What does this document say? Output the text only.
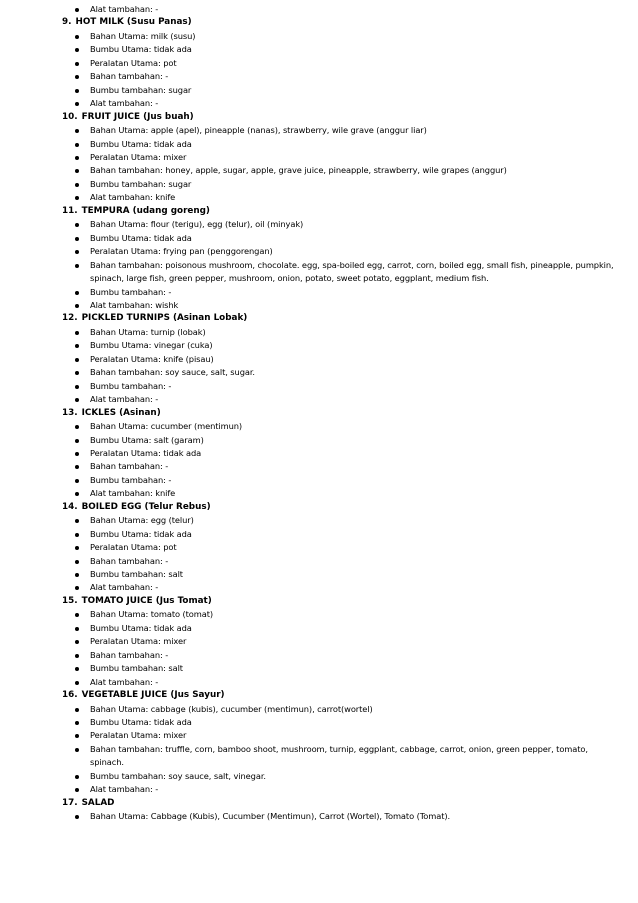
Alat tambahan: -
9. HOT MILK (Susu Panas)
Bahan Utama: milk (susu)
Bumbu Utama: tidak ada
Peralatan Utama: pot
Bahan tambahan: -
Bumbu tambahan: sugar
Alat tambahan: -
10. FRUIT JUICE (Jus buah)
Bahan Utama: apple (apel), pineapple (nanas), strawberry, wile grave (anggur liar)
Bumbu Utama: tidak ada
Peralatan Utama: mixer
Bahan tambahan: honey, apple, sugar, apple, grave juice, pineapple, strawberry, wile grapes (anggur)
Bumbu tambahan: sugar
Alat tambahan: knife
11. TEMPURA (udang goreng)
Bahan Utama: flour (terigu), egg (telur), oil (minyak)
Bumbu Utama: tidak ada
Peralatan Utama: frying pan (penggorengan)
Bahan tambahan: poisonous mushroom, chocolate. egg, spa-boiled egg, carrot, corn, boiled egg, small fish, pineapple, pumpkin, spinach, large fish, green pepper, mushroom, onion, potato, sweet potato, eggplant, medium fish.
Bumbu tambahan: -
Alat tambahan: wishk
12. PICKLED TURNIPS (Asinan Lobak)
Bahan Utama: turnip (lobak)
Bumbu Utama: vinegar (cuka)
Peralatan Utama: knife (pisau)
Bahan tambahan: soy sauce, salt, sugar.
Bumbu tambahan: -
Alat tambahan: -
13. ICKLES (Asinan)
Bahan Utama: cucumber (mentimun)
Bumbu Utama: salt (garam)
Peralatan Utama: tidak ada
Bahan tambahan: -
Bumbu tambahan: -
Alat tambahan: knife
14. BOILED EGG (Telur Rebus)
Bahan Utama: egg (telur)
Bumbu Utama: tidak ada
Peralatan Utama: pot
Bahan tambahan: -
Bumbu tambahan: salt
Alat tambahan: -
15. TOMATO JUICE (Jus Tomat)
Bahan Utama: tomato (tomat)
Bumbu Utama: tidak ada
Peralatan Utama: mixer
Bahan tambahan: -
Bumbu tambahan: salt
Alat tambahan: -
16. VEGETABLE JUICE (Jus Sayur)
Bahan Utama: cabbage (kubis), cucumber (mentimun), carrot(wortel)
Bumbu Utama: tidak ada
Peralatan Utama: mixer
Bahan tambahan: truffle, corn, bamboo shoot, mushroom, turnip, eggplant, cabbage, carrot, onion, green pepper, tomato, spinach.
Bumbu tambahan: soy sauce, salt, vinegar.
Alat tambahan: -
17. SALAD
Bahan Utama: Cabbage (Kubis), Cucumber (Mentimun), Carrot (Wortel), Tomato (Tomat).
